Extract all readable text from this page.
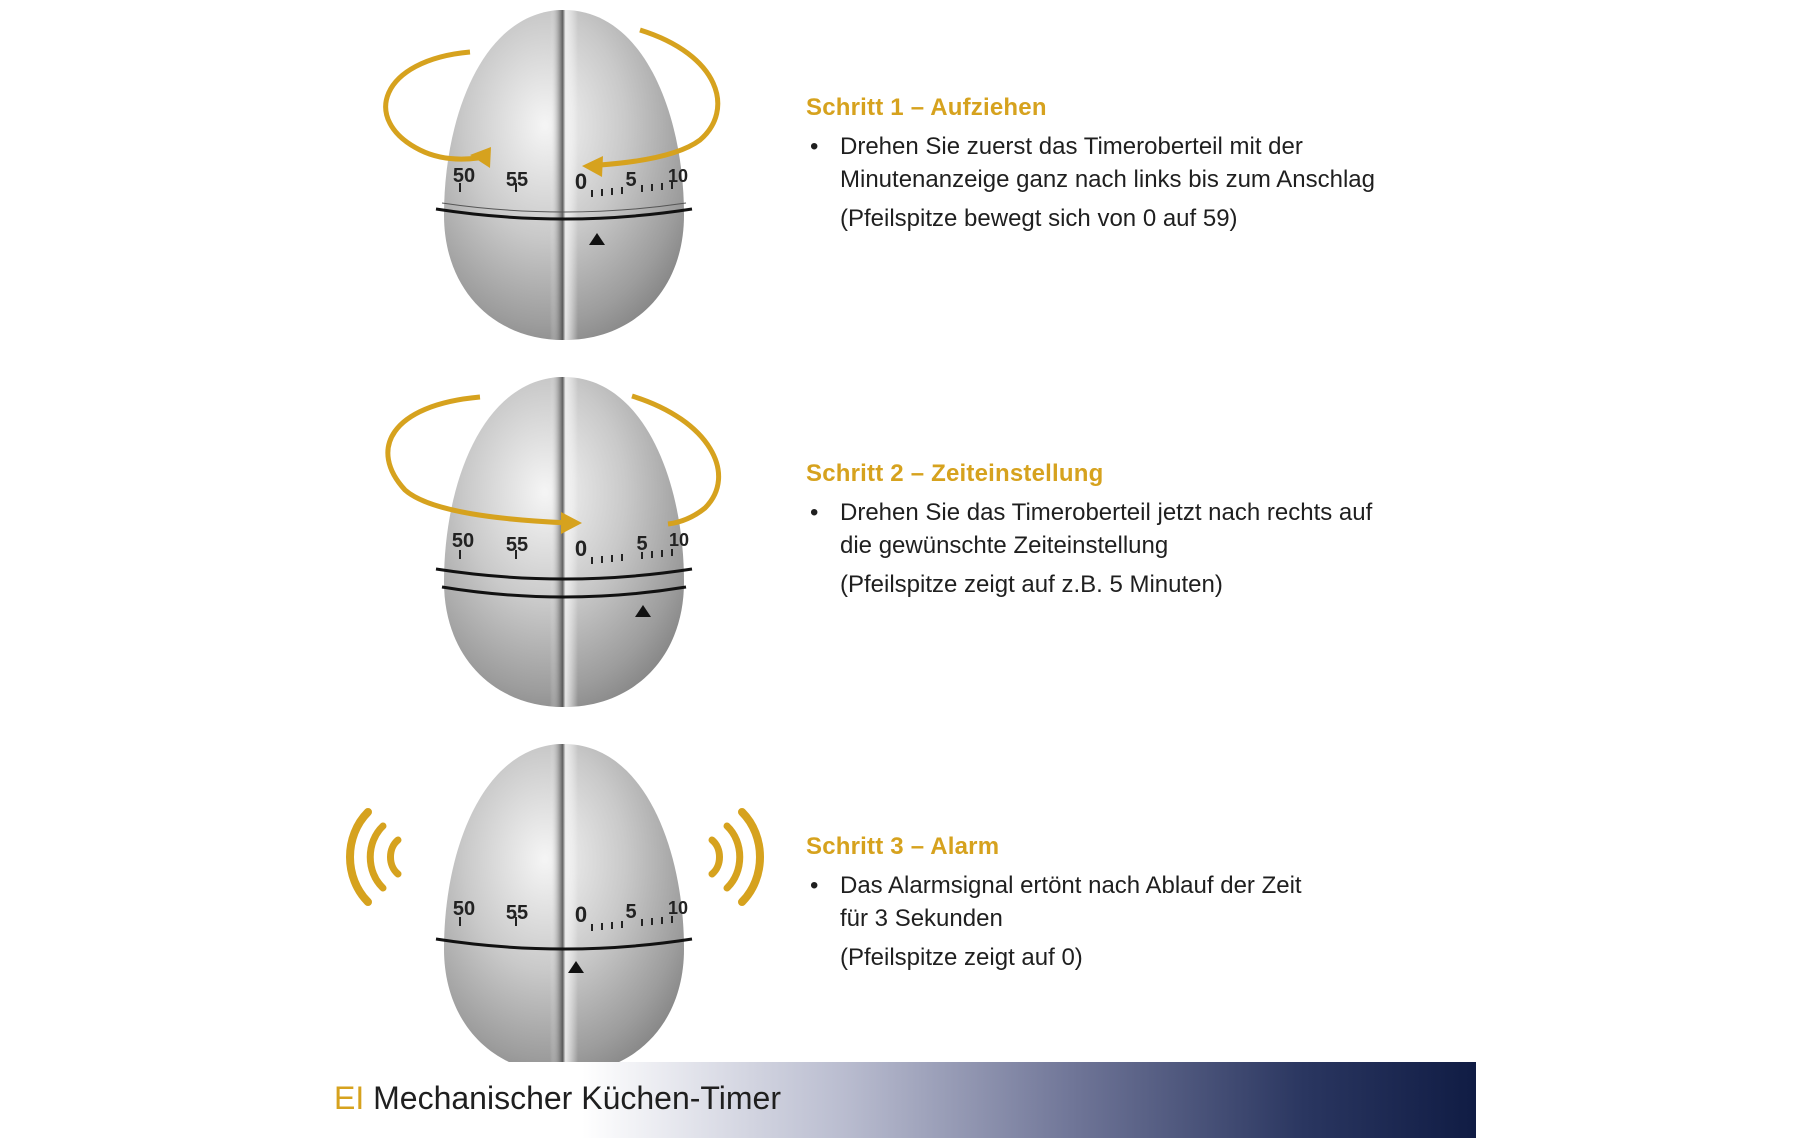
50 55 0 5 10
50 55 0 5 10
50 55 0 5 10
Schritt 1 – Aufziehen
• Drehen Sie zuerst das Timeroberteil mit der
Minutenanzeige ganz nach links bis zum Anschlag
(Pfeilspitze bewegt sich von 0 auf 59)
Schritt 2 – Zeiteinstellung
• Drehen Sie das Timeroberteil jetzt nach rechts auf
die gewünschte Zeiteinstellung
(Pfeilspitze zeigt auf z.B. 5 Minuten)
Schritt 3 – Alarm
• Das Alarmsignal ertönt nach Ablauf der Zeit
für 3 Sekunden
(Pfeilspitze zeigt auf 0)
EI Mechanischer Küchen-Timer
